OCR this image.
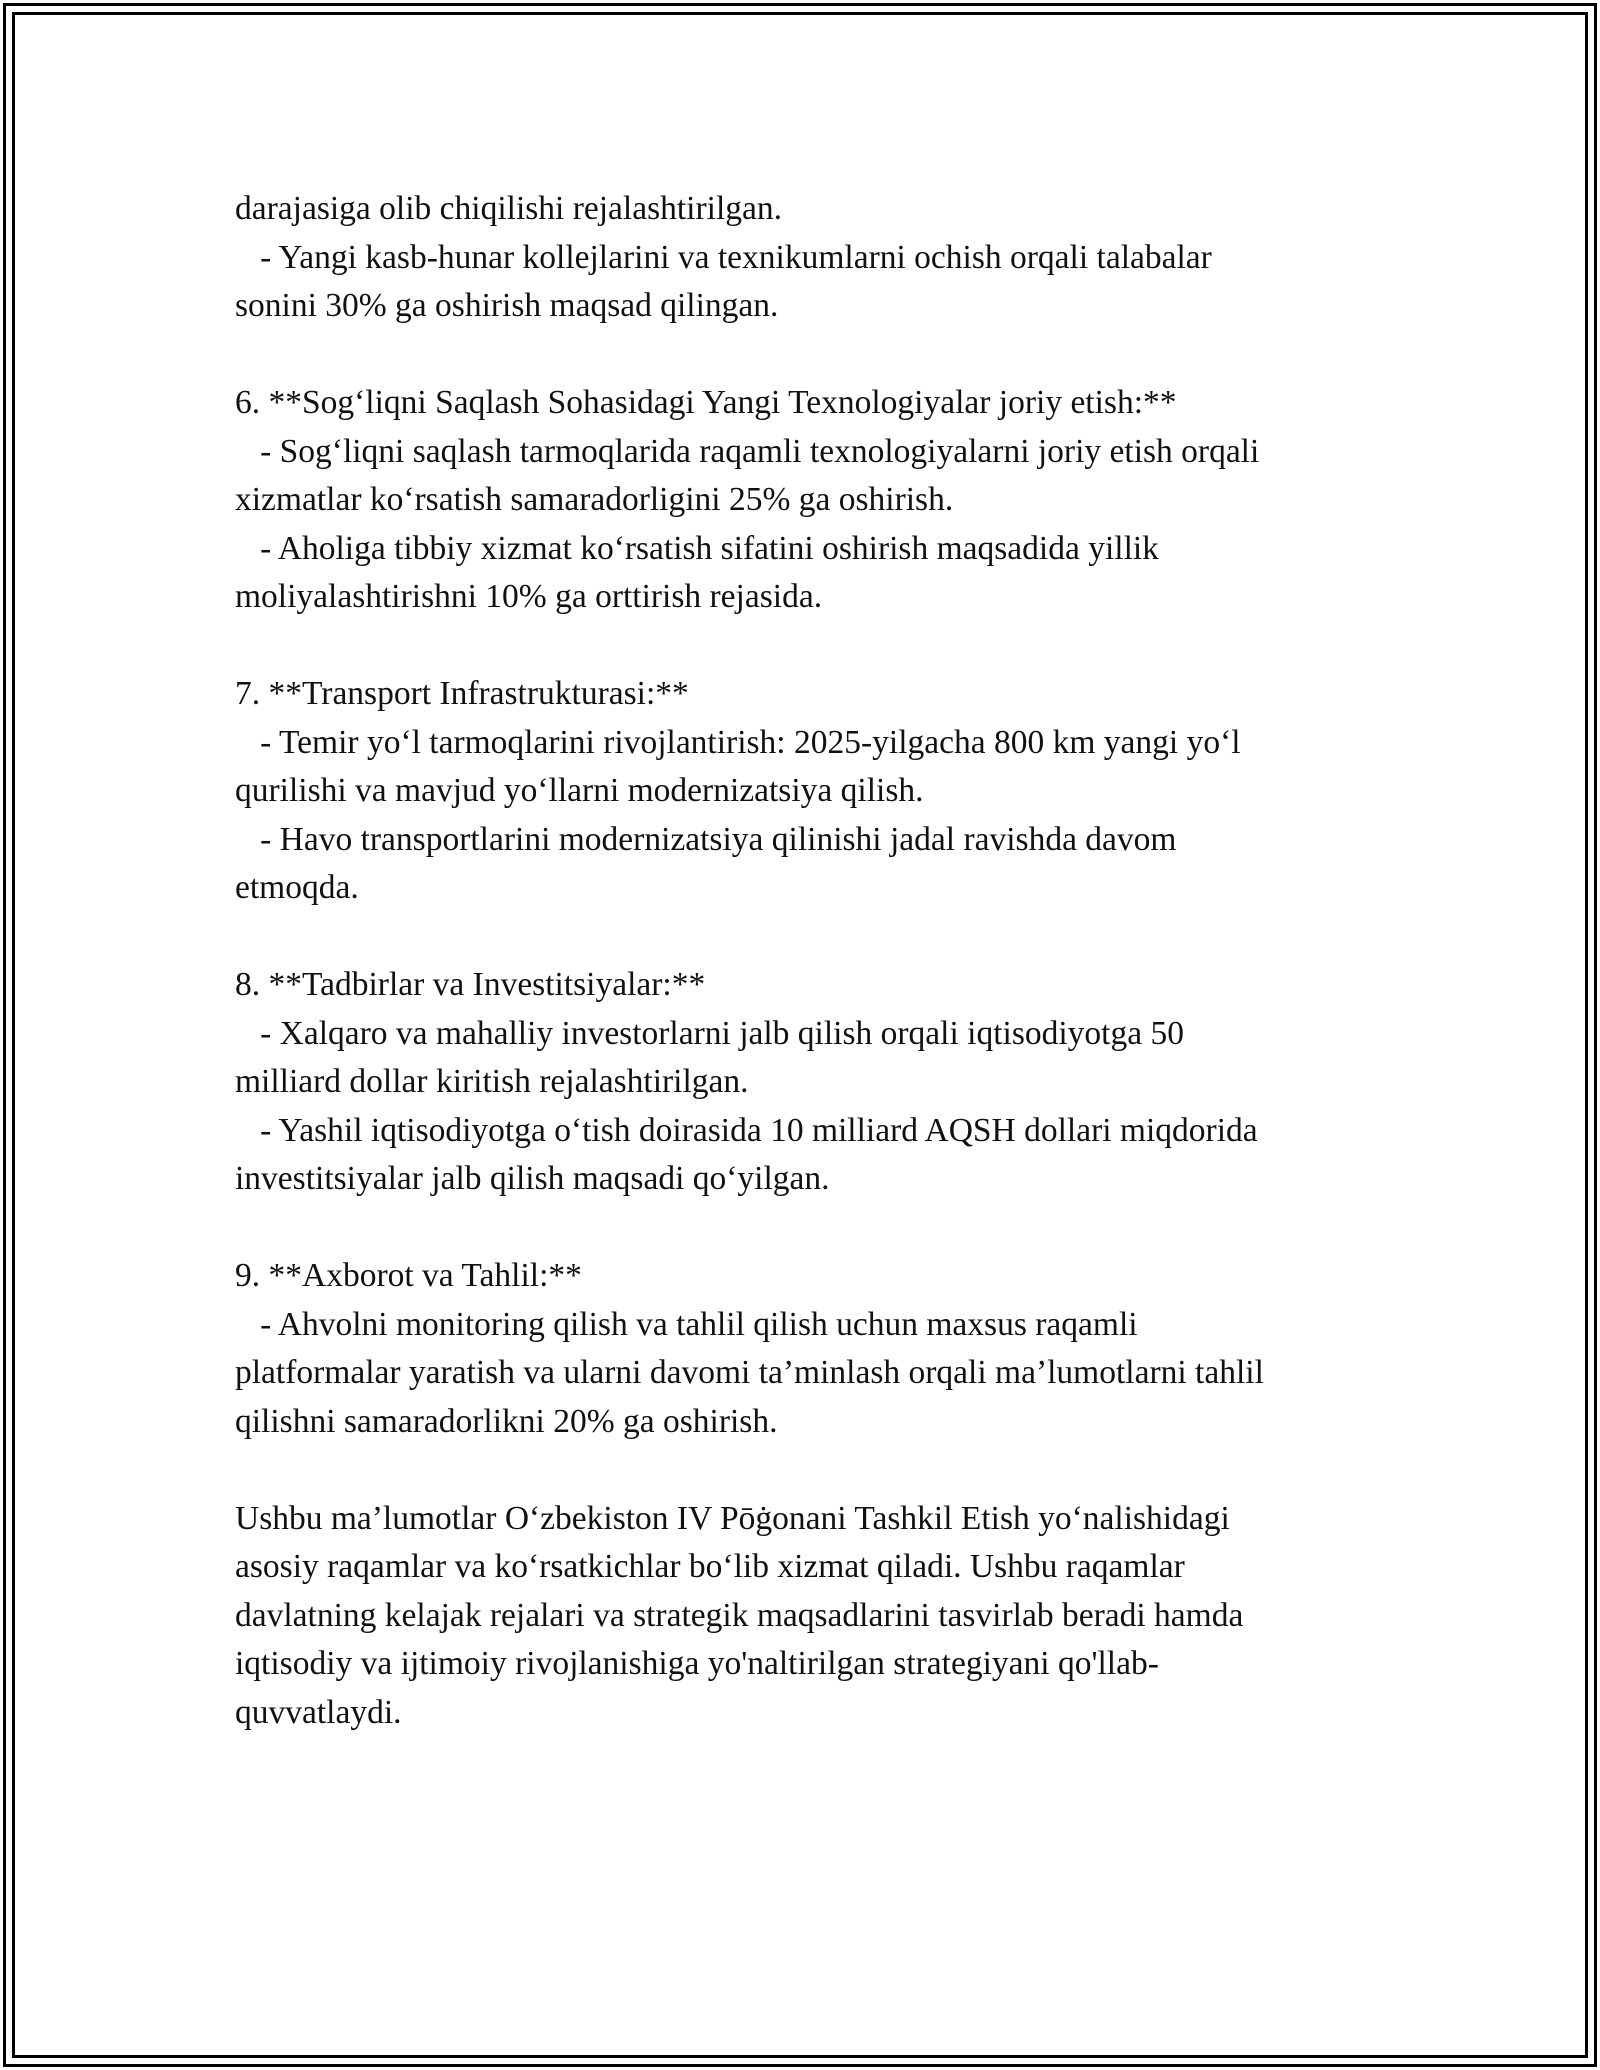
darajasiga olib chiqilishi rejalashtirilgan.
- Yangi kasb-hunar kollejlarini va texnikumlarni ochish orqali talabalar
sonini 30% ga oshirish maqsad qilingan.
6. **Sog‘liqni Saqlash Sohasidagi Yangi Texnologiyalar joriy etish:**
- Sog‘liqni saqlash tarmoqlarida raqamli texnologiyalarni joriy etish orqali
xizmatlar ko‘rsatish samaradorligini 25% ga oshirish.
- Aholiga tibbiy xizmat ko‘rsatish sifatini oshirish maqsadida yillik
moliyalashtirishni 10% ga orttirish rejasida.
7. **Transport Infrastrukturasi:**
- Temir yo‘l tarmoqlarini rivojlantirish: 2025-yilgacha 800 km yangi yo‘l
qurilishi va mavjud yo‘llarni modernizatsiya qilish.
- Havo transportlarini modernizatsiya qilinishi jadal ravishda davom
etmoqda.
8. **Tadbirlar va Investitsiyalar:**
- Xalqaro va mahalliy investorlarni jalb qilish orqali iqtisodiyotga 50
milliard dollar kiritish rejalashtirilgan.
- Yashil iqtisodiyotga o‘tish doirasida 10 milliard AQSH dollari miqdorida
investitsiyalar jalb qilish maqsadi qo‘yilgan.
9. **Axborot va Tahlil:**
- Ahvolni monitoring qilish va tahlil qilish uchun maxsus raqamli
platformalar yaratish va ularni davomi ta’minlash orqali ma’lumotlarni tahlil
qilishni samaradorlikni 20% ga oshirish.
Ushbu ma’lumotlar O‘zbekiston IV Pōġonani Tashkil Etish yo‘nalishidagi
asosiy raqamlar va ko‘rsatkichlar bo‘lib xizmat qiladi. Ushbu raqamlar
davlatning kelajak rejalari va strategik maqsadlarini tasvirlab beradi hamda
iqtisodiy va ijtimoiy rivojlanishiga yo'naltirilgan strategiyani qo'llab-
quvvatlaydi.
